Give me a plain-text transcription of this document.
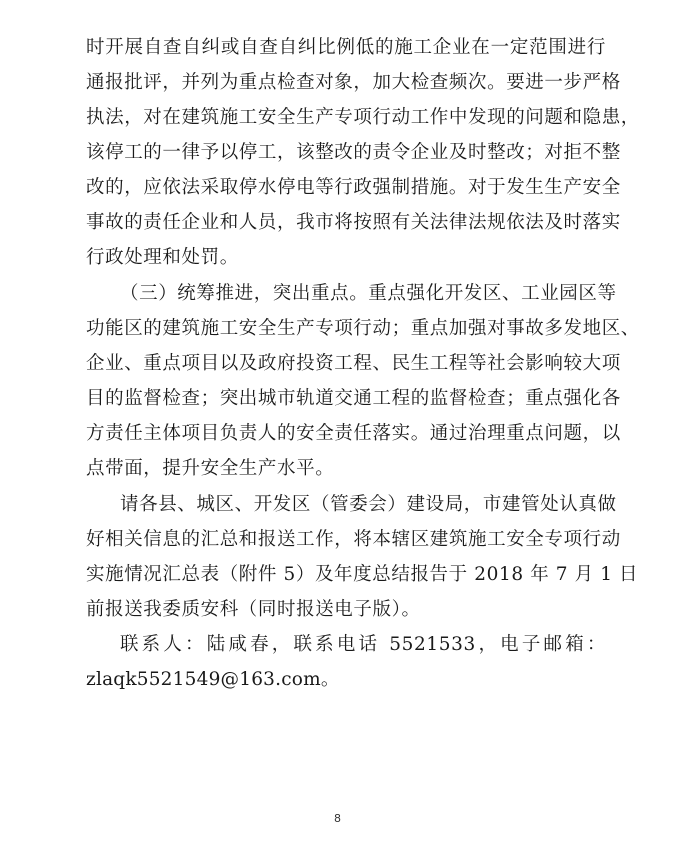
时开展自查自纠或自查自纠比例低的施工企业在一定范围进行
通报批评，并列为重点检查对象，加大检查频次。要进一步严格
执法，对在建筑施工安全生产专项行动工作中发现的问题和隐患，
该停工的一律予以停工，该整改的责令企业及时整改；对拒不整
改的，应依法采取停水停电等行政强制措施。对于发生生产安全
事故的责任企业和人员，我市将按照有关法律法规依法及时落实
行政处理和处罚。
（三）统筹推进，突出重点。重点强化开发区、工业园区等
功能区的建筑施工安全生产专项行动；重点加强对事故多发地区、
企业、重点项目以及政府投资工程、民生工程等社会影响较大项
目的监督检查；突出城市轨道交通工程的监督检查；重点强化各
方责任主体项目负责人的安全责任落实。通过治理重点问题，以
点带面，提升安全生产水平。
请各县、城区、开发区（管委会）建设局，市建管处认真做
好相关信息的汇总和报送工作，将本辖区建筑施工安全专项行动
实施情况汇总表（附件 5）及年度总结报告于 2018 年 7 月 1 日
前报送我委质安科（同时报送电子版）。
联系人：陆咸春，联系电话 5521533，电子邮箱：
zlaqk5521549@163.com。
8
